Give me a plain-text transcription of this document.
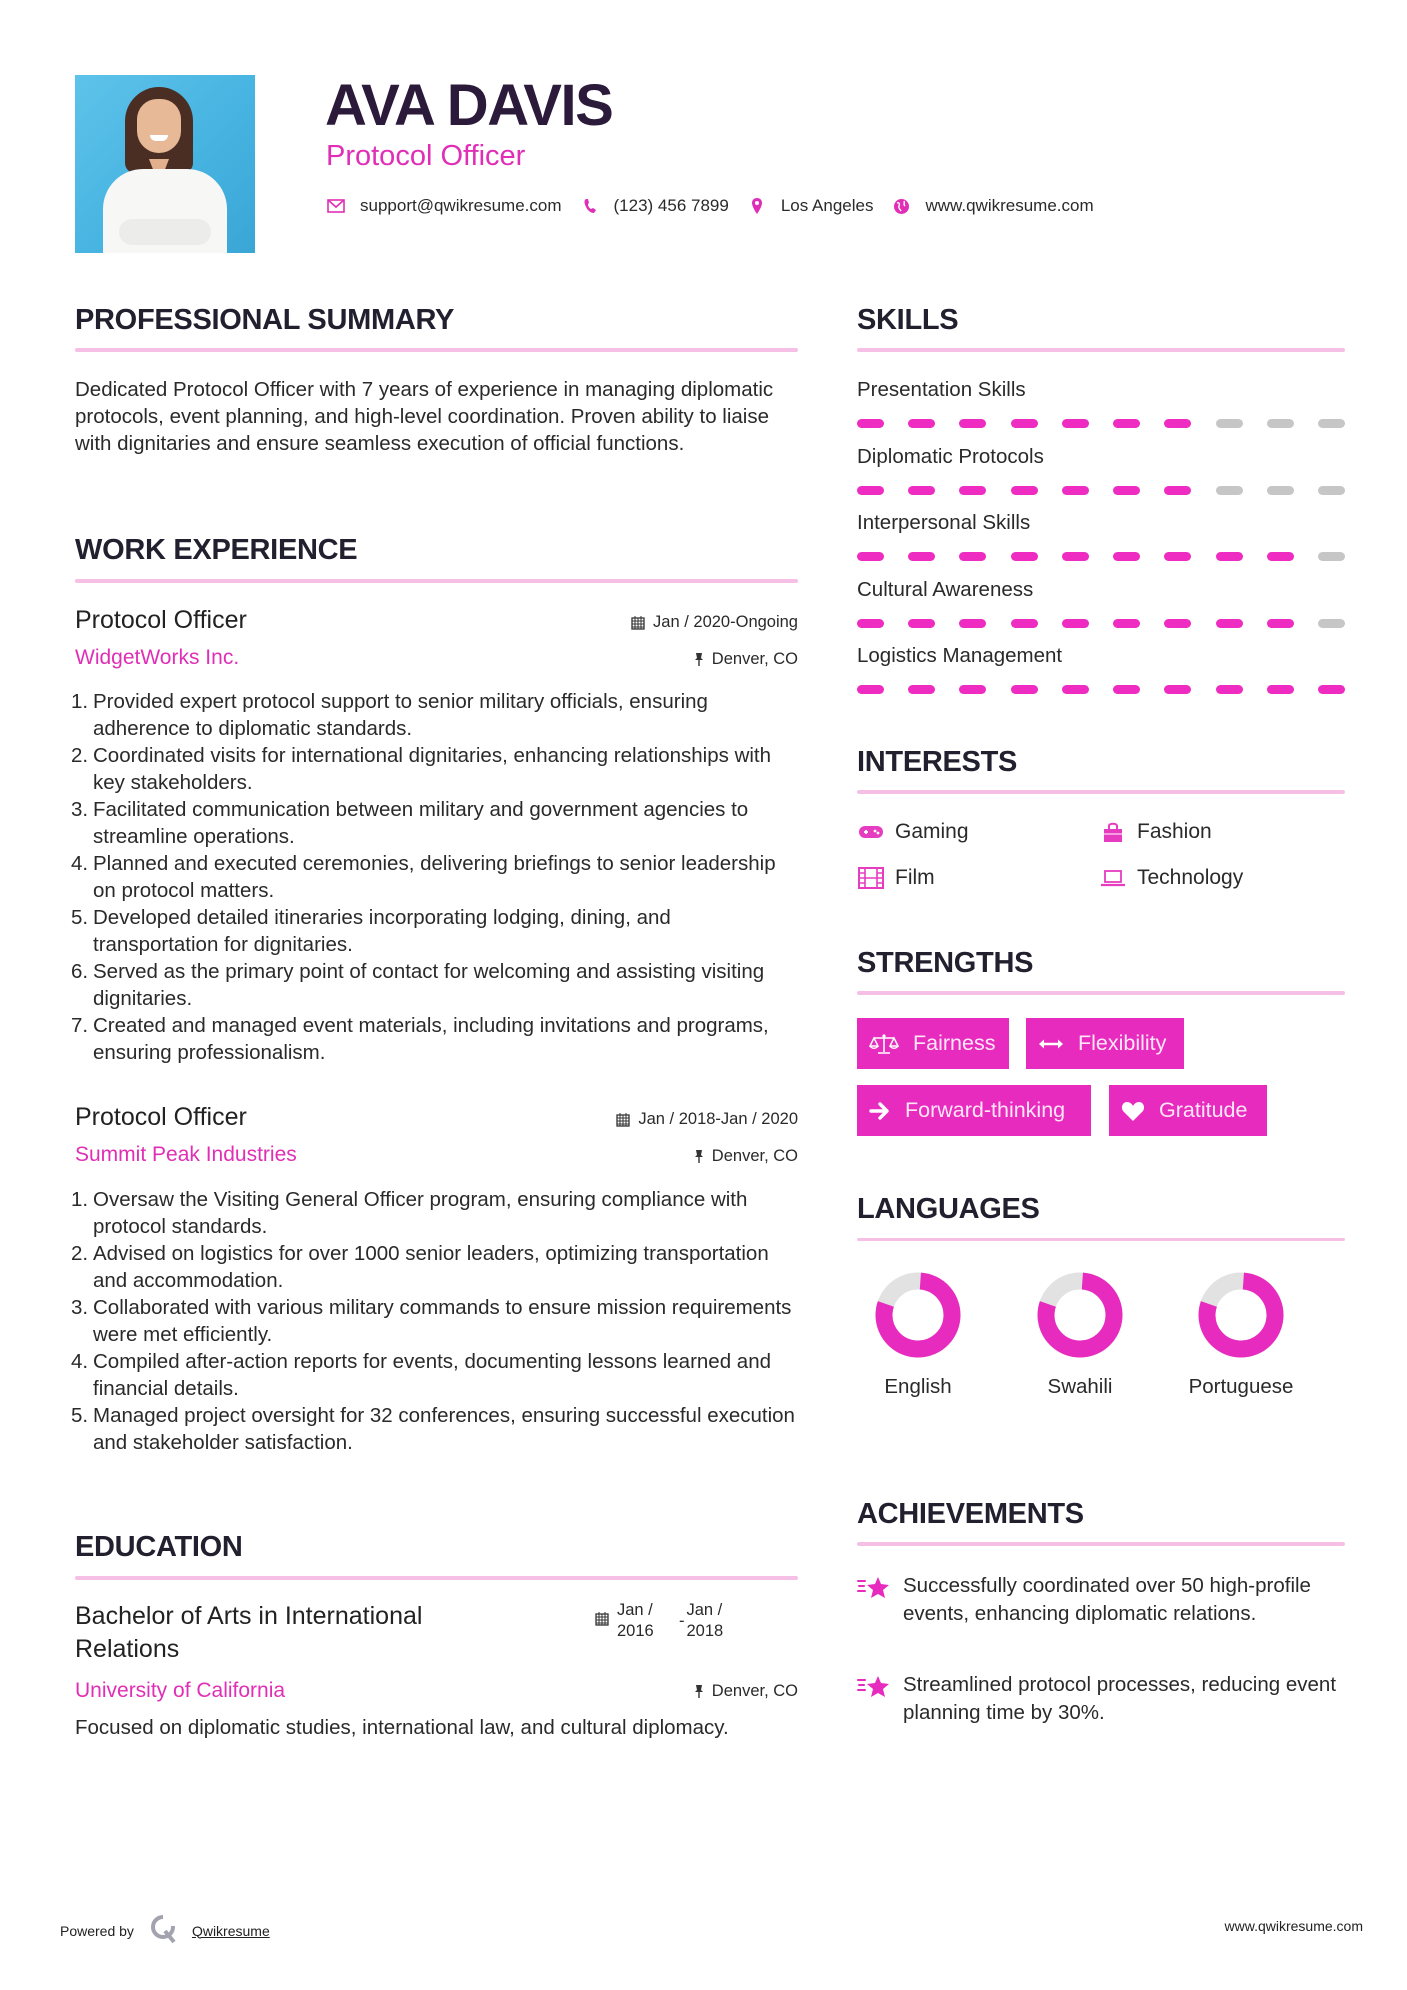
AVA DAVIS
Protocol Officer
support@qwikresume.com	(123) 456 7899	Los Angeles	www.qwikresume.com
PROFESSIONAL SUMMARY
Dedicated Protocol Officer with 7 years of experience in managing diplomatic protocols, event planning, and high-level coordination. Proven ability to liaise with dignitaries and ensure seamless execution of official functions.
WORK EXPERIENCE
Protocol Officer
WidgetWorks Inc.
Jan / 2020-Ongoing
Denver, CO
1. Provided expert protocol support to senior military officials, ensuring adherence to diplomatic standards.
2. Coordinated visits for international dignitaries, enhancing relationships with key stakeholders.
3. Facilitated communication between military and government agencies to streamline operations.
4. Planned and executed ceremonies, delivering briefings to senior leadership on protocol matters.
5. Developed detailed itineraries incorporating lodging, dining, and transportation for dignitaries.
6. Served as the primary point of contact for welcoming and assisting visiting dignitaries.
7. Created and managed event materials, including invitations and programs, ensuring professionalism.
Protocol Officer
Summit Peak Industries
Jan / 2018-Jan / 2020
Denver, CO
1. Oversaw the Visiting General Officer program, ensuring compliance with protocol standards.
2. Advised on logistics for over 1000 senior leaders, optimizing transportation and accommodation.
3. Collaborated with various military commands to ensure mission requirements were met efficiently.
4. Compiled after-action reports for events, documenting lessons learned and financial details.
5. Managed project oversight for 32 conferences, ensuring successful execution and stakeholder satisfaction.
EDUCATION
Bachelor of Arts in International Relations
Jan / 2016
-
Jan / 2018
University of California	Denver, CO
Focused on diplomatic studies, international law, and cultural diplomacy.
SKILLS
Presentation Skills
Diplomatic Protocols
Interpersonal Skills
Cultural Awareness
Logistics Management
INTERESTS
Gaming	Fashion
Film	Technology
STRENGTHS
Fairness	Flexibility
Forward-thinking	Gratitude
LANGUAGES
English	Swahili	Portuguese
ACHIEVEMENTS
Successfully coordinated over 50 high-profile events, enhancing diplomatic relations.
Streamlined protocol processes, reducing event planning time by 30%.
Powered by	Qwikresume	www.qwikresume.com
